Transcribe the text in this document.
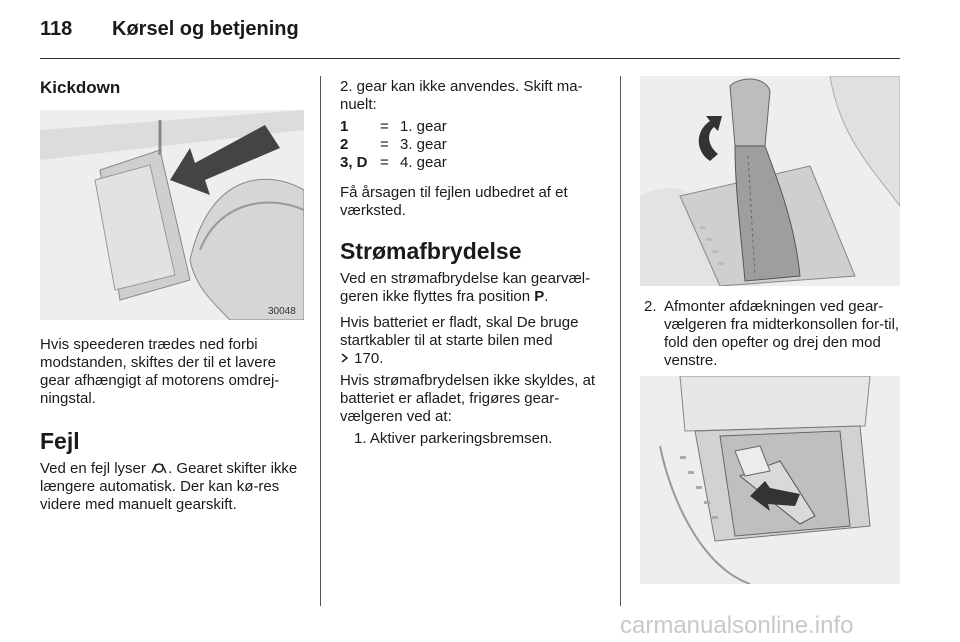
118 Kørsel og betjening
Kickdown
30048
Hvis speederen trædes ned forbi modstanden, skiftes der til et lavere gear afhængigt af motorens omdrej-ningstal.
Fejl
Ved en fejl lyser . Gearet skifter ikke længere automatisk. Der kan kø-res videre med manuelt gearskift.
2. gear kan ikke anvendes. Skift ma-nuelt:
1	=	1. gear
2	=	3. gear
3, D	=	4. gear
Få årsagen til fejlen udbedret af et værksted.
Strømafbrydelse
Ved en strømafbrydelse kan gearvæl-geren ikke flyttes fra position P.
Hvis batteriet er fladt, skal De bruge startkabler til at starte bilen med
170.
Hvis strømafbrydelsen ikke skyldes, at batteriet er afladet, frigøres gear-vælgeren ved at:
1. Aktiver parkeringsbremsen.
2. Afmonter afdækningen ved gear-vælgeren fra midterkonsollen for-til, fold den opefter og drej den mod venstre.
carmanualsonline.info
